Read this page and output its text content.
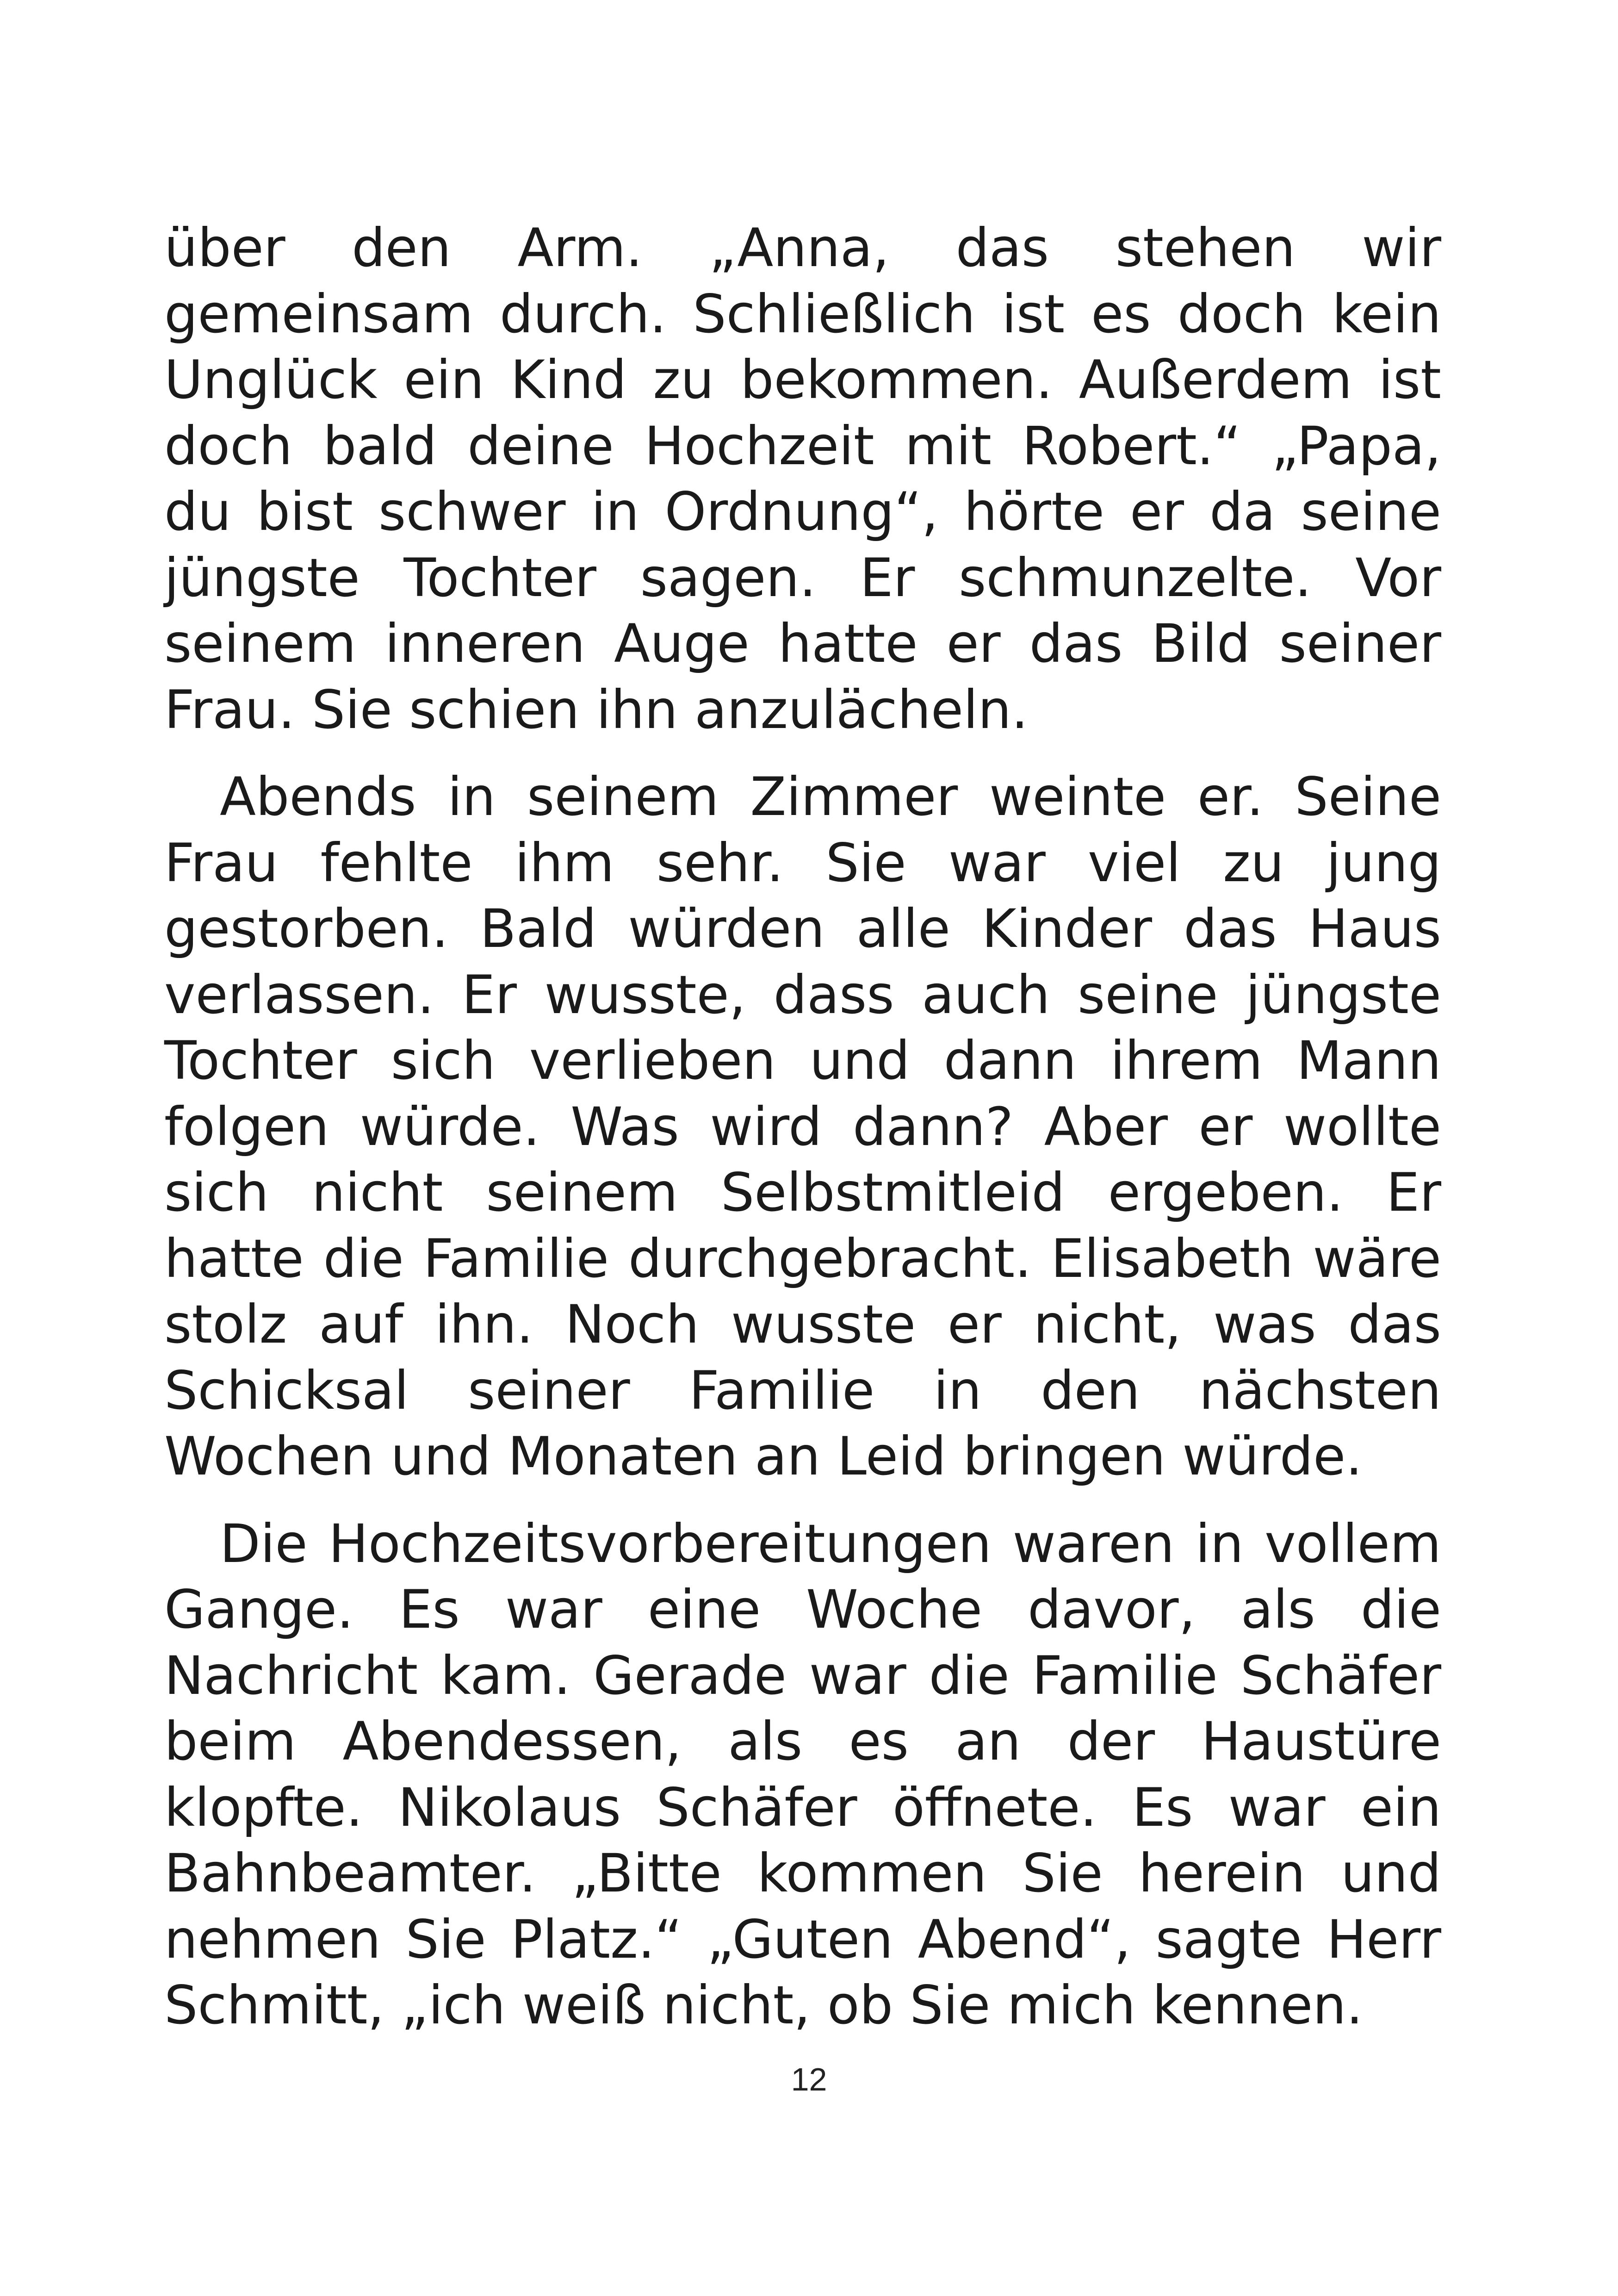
über den Arm. „Anna, das stehen wir gemeinsam durch. Schließlich ist es doch kein Unglück ein Kind zu bekommen. Außerdem ist doch bald deine Hochzeit mit Robert.“ „Papa, du bist schwer in Ordnung“, hörte er da seine jüngste Tochter sagen. Er schmunzelte. Vor seinem inneren Auge hatte er das Bild seiner Frau. Sie schien ihn anzulächeln.

Abends in seinem Zimmer weinte er. Seine Frau fehlte ihm sehr. Sie war viel zu jung gestorben. Bald würden alle Kinder das Haus verlassen. Er wusste, dass auch seine jüngste Tochter sich verlieben und dann ihrem Mann folgen würde. Was wird dann? Aber er wollte sich nicht seinem Selbstmitleid ergeben. Er hatte die Familie durchgebracht. Elisabeth wäre stolz auf ihn. Noch wusste er nicht, was das Schicksal seiner Familie in den nächsten Wochen und Monaten an Leid bringen würde.

Die Hochzeitsvorbereitungen waren in vollem Gange. Es war eine Woche davor, als die Nachricht kam. Gerade war die Familie Schäfer beim Abendessen, als es an der Haustüre klopfte. Nikolaus Schäfer öffnete. Es war ein Bahnbeamter. „Bitte kommen Sie herein und nehmen Sie Platz.“ „Guten Abend“, sagte Herr Schmitt, „ich weiß nicht, ob Sie mich kennen.

12
